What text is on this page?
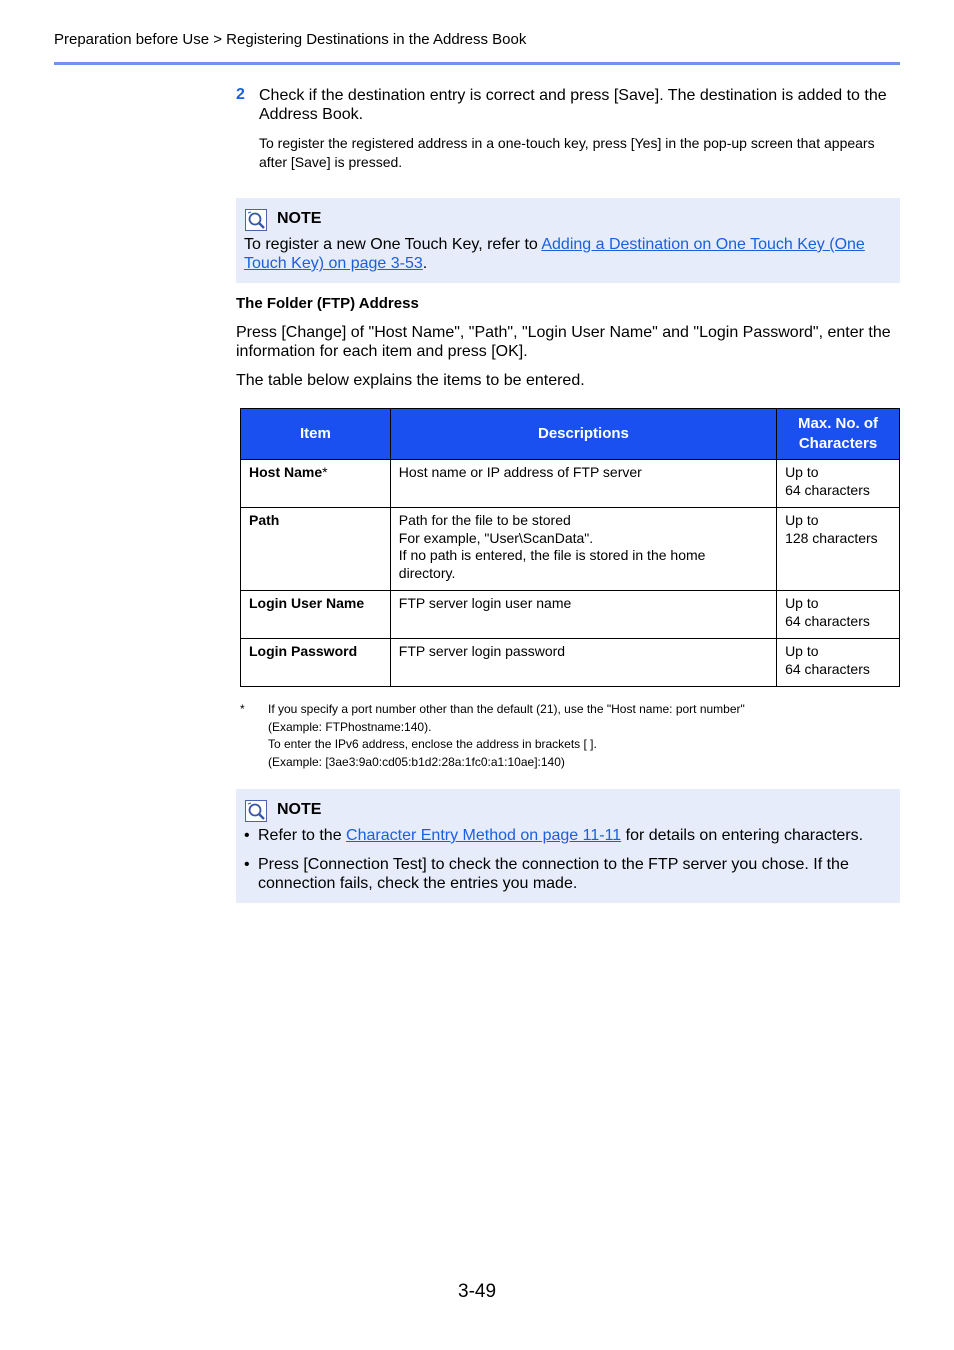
Preparation before Use > Registering Destinations in the Address Book
2 Check if the destination entry is correct and press [Save]. The destination is added to the
Address Book.
To register the registered address in a one-touch key, press [Yes] in the pop-up screen that appears
after [Save] is pressed.
NOTE
To register a new One Touch Key, refer to Adding a Destination on One Touch Key (One
Touch Key) on page 3-53.
The Folder (FTP) Address
Press [Change] of "Host Name", "Path", "Login User Name" and "Login Password", enter the
information for each item and press [OK].
The table below explains the items to be entered.
Item	Descriptions	Max. No. of
Characters
Host Name*	Host name or IP address of FTP server	Up to
64 characters
Path	Path for the file to be stored
For example, "User\ScanData".
If no path is entered, the file is stored in the home
directory.	Up to
128 characters
Login User Name	FTP server login user name	Up to
64 characters
Login Password	FTP server login password	Up to
64 characters
* If you specify a port number other than the default (21), use the "Host name: port number"
(Example: FTPhostname:140).
To enter the IPv6 address, enclose the address in brackets [ ].
(Example: [3ae3:9a0:cd05:b1d2:28a:1fc0:a1:10ae]:140)
NOTE
• Refer to the Character Entry Method on page 11-11 for details on entering characters.
• Press [Connection Test] to check the connection to the FTP server you chose. If the
connection fails, check the entries you made.
3-49
